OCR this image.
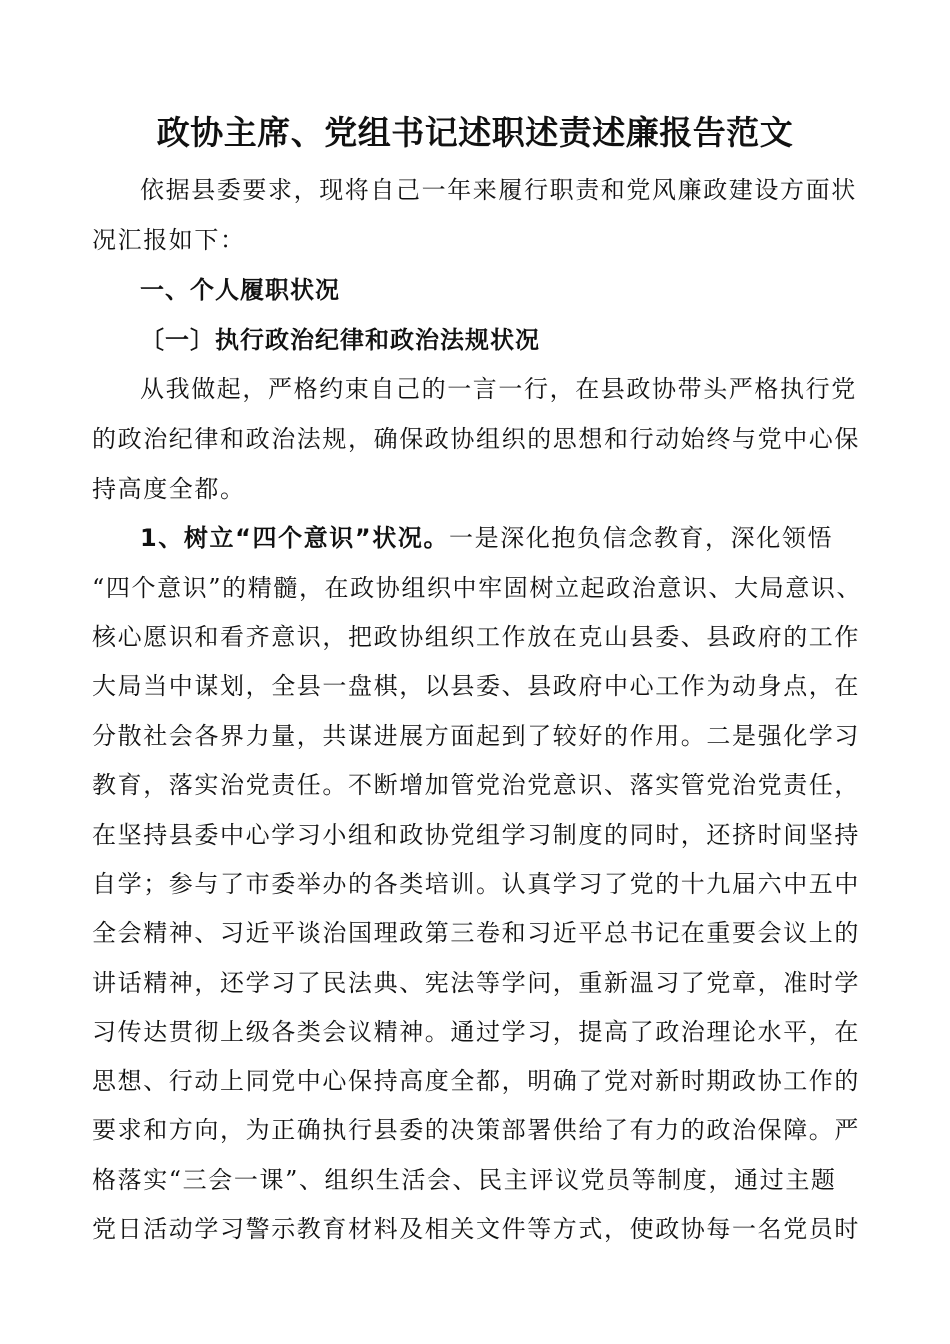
政协主席、党组书记述职述责述廉报告范文
依据县委要求，现将自己一年来履行职责和党风廉政建设方面状
况汇报如下：
一、个人履职状况
〔一〕执行政治纪律和政治法规状况
从我做起，严格约束自己的一言一行，在县政协带头严格执行党
的政治纪律和政治法规，确保政协组织的思想和行动始终与党中心保
持高度全都。
1、树立“四个意识”状况。一是深化抱负信念教育，深化领悟
“四个意识”的精髓，在政协组织中牢固树立起政治意识、大局意识、
核心愿识和看齐意识，把政协组织工作放在克山县委、县政府的工作
大局当中谋划，全县一盘棋，以县委、县政府中心工作为动身点，在
分散社会各界力量，共谋进展方面起到了较好的作用。二是强化学习
教育，落实治党责任。不断增加管党治党意识、落实管党治党责任，
在坚持县委中心学习小组和政协党组学习制度的同时，还挤时间坚持
自学；参与了市委举办的各类培训。认真学习了党的十九届六中五中
全会精神、习近平谈治国理政第三卷和习近平总书记在重要会议上的
讲话精神，还学习了民法典、宪法等学问，重新温习了党章，准时学
习传达贯彻上级各类会议精神。通过学习，提高了政治理论水平，在
思想、行动上同党中心保持高度全都，明确了党对新时期政协工作的
要求和方向，为正确执行县委的决策部署供给了有力的政治保障。严
格落实“三会一课”、组织生活会、民主评议党员等制度，通过主题
党日活动学习警示教育材料及相关文件等方式，使政协每一名党员时
